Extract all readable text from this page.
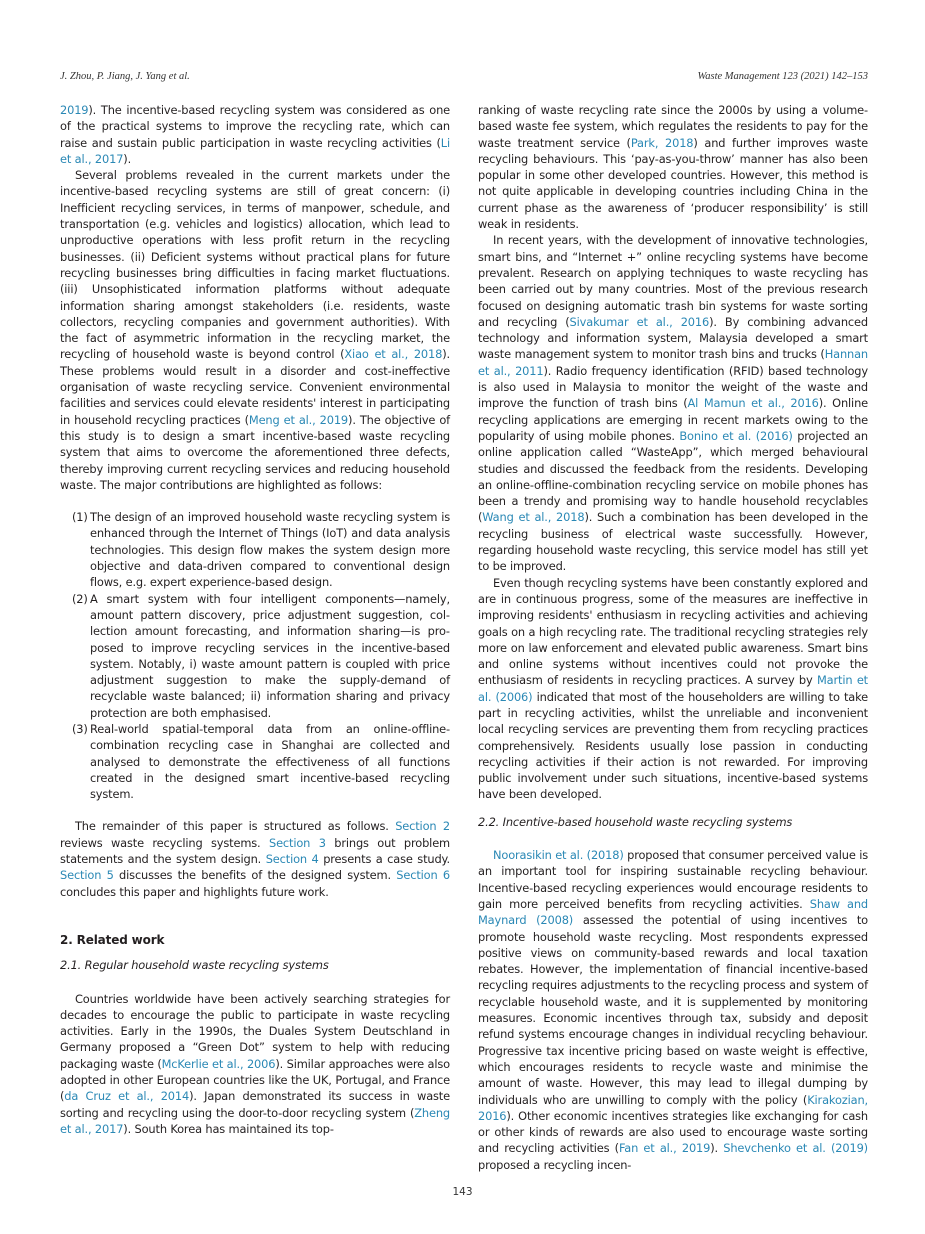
J. Zhou, P. Jiang, J. Yang et al.	Waste Management 123 (2021) 142–153

2019). The incentive-based recycling system was considered as one of the practical systems to improve the recycling rate, which can raise and sustain public participation in waste recycling activities (Li et al., 2017).

Several problems revealed in the current markets under the incentive-based recycling systems are still of great concern: (i) Inefficient recycling services, in terms of manpower, schedule, and transportation (e.g. vehicles and logistics) allocation, which lead to unproductive operations with less profit return in the recycling businesses. (ii) Deficient systems without practical plans for future recycling businesses bring difficulties in facing market fluctuations. (iii) Unsophisticated information platforms without adequate information sharing amongst stakeholders (i.e. residents, waste collectors, recycling companies and government authorities). With the fact of asymmetric information in the recycling market, the recycling of household waste is beyond control (Xiao et al., 2018). These problems would result in a disorder and cost-ineffective organisation of waste recycling service. Convenient environmental facilities and services could elevate residents' interest in participating in household recycling practices (Meng et al., 2019). The objective of this study is to design a smart incentive-based waste recycling system that aims to overcome the aforementioned three defects, thereby improving current recycling services and reducing household waste. The major contributions are highlighted as follows:

(1) The design of an improved household waste recycling system is enhanced through the Internet of Things (IoT) and data analysis technologies. This design flow makes the system design more objective and data-driven compared to conventional design flows, e.g. expert experience-based design.
(2) A smart system with four intelligent components—namely, amount pattern discovery, price adjustment suggestion, collection amount forecasting, and information sharing—is proposed to improve recycling services in the incentive-based system. Notably, i) waste amount pattern is coupled with price adjustment suggestion to make the supply-demand of recyclable waste balanced; ii) information sharing and privacy protection are both emphasised.
(3) Real-world spatial-temporal data from an online-offline-combination recycling case in Shanghai are collected and analysed to demonstrate the effectiveness of all functions created in the designed smart incentive-based recycling system.

The remainder of this paper is structured as follows. Section 2 reviews waste recycling systems. Section 3 brings out problem statements and the system design. Section 4 presents a case study. Section 5 discusses the benefits of the designed system. Section 6 concludes this paper and highlights future work.

2. Related work
2.1. Regular household waste recycling systems

Countries worldwide have been actively searching strategies for decades to encourage the public to participate in waste recycling activities. Early in the 1990s, the Duales System Deutschland in Germany proposed a “Green Dot” system to help with reducing packaging waste (McKerlie et al., 2006). Similar approaches were also adopted in other European countries like the UK, Portugal, and France (da Cruz et al., 2014). Japan demonstrated its success in waste sorting and recycling using the door-to-door recycling system (Zheng et al., 2017). South Korea has maintained its top-

ranking of waste recycling rate since the 2000s by using a volume-based waste fee system, which regulates the residents to pay for the waste treatment service (Park, 2018) and further improves waste recycling behaviours. This ‘pay-as-you-throw’ manner has also been popular in some other developed countries. However, this method is not quite applicable in developing countries including China in the current phase as the awareness of ‘producer responsibility’ is still weak in residents.

In recent years, with the development of innovative technologies, smart bins, and “Internet +” online recycling systems have become prevalent. Research on applying techniques to waste recycling has been carried out by many countries. Most of the previous research focused on designing automatic trash bin systems for waste sorting and recycling (Sivakumar et al., 2016). By combining advanced technology and information system, Malaysia developed a smart waste management system to monitor trash bins and trucks (Hannan et al., 2011). Radio frequency identification (RFID) based technology is also used in Malaysia to monitor the weight of the waste and improve the function of trash bins (Al Mamun et al., 2016). Online recycling applications are emerging in recent markets owing to the popularity of using mobile phones. Bonino et al. (2016) projected an online application called “WasteApp”, which merged behavioural studies and discussed the feedback from the residents. Developing an online-offline-combination recycling service on mobile phones has been a trendy and promising way to handle household recyclables (Wang et al., 2018). Such a combination has been developed in the recycling business of electrical waste successfully. However, regarding household waste recycling, this service model has still yet to be improved.

Even though recycling systems have been constantly explored and are in continuous progress, some of the measures are ineffective in improving residents' enthusiasm in recycling activities and achieving goals on a high recycling rate. The traditional recycling strategies rely more on law enforcement and elevated public awareness. Smart bins and online systems without incentives could not provoke the enthusiasm of residents in recycling practices. A survey by Martin et al. (2006) indicated that most of the householders are willing to take part in recycling activities, whilst the unreliable and inconvenient local recycling services are preventing them from recycling practices comprehensively. Residents usually lose passion in conducting recycling activities if their action is not rewarded. For improving public involvement under such situations, incentive-based systems have been developed.

2.2. Incentive-based household waste recycling systems

Noorasikin et al. (2018) proposed that consumer perceived value is an important tool for inspiring sustainable recycling behaviour. Incentive-based recycling experiences would encourage residents to gain more perceived benefits from recycling activities. Shaw and Maynard (2008) assessed the potential of using incentives to promote household waste recycling. Most respondents expressed positive views on community-based rewards and local taxation rebates. However, the implementation of financial incentive-based recycling requires adjustments to the recycling process and system of recyclable household waste, and it is supplemented by monitoring measures. Economic incentives through tax, subsidy and deposit refund systems encourage changes in individual recycling behaviour. Progressive tax incentive pricing based on waste weight is effective, which encourages residents to recycle waste and minimise the amount of waste. However, this may lead to illegal dumping by individuals who are unwilling to comply with the policy (Kirakozian, 2016). Other economic incentives strategies like exchanging for cash or other kinds of rewards are also used to encourage waste sorting and recycling activities (Fan et al., 2019). Shevchenko et al. (2019) proposed a recycling incen-

143
